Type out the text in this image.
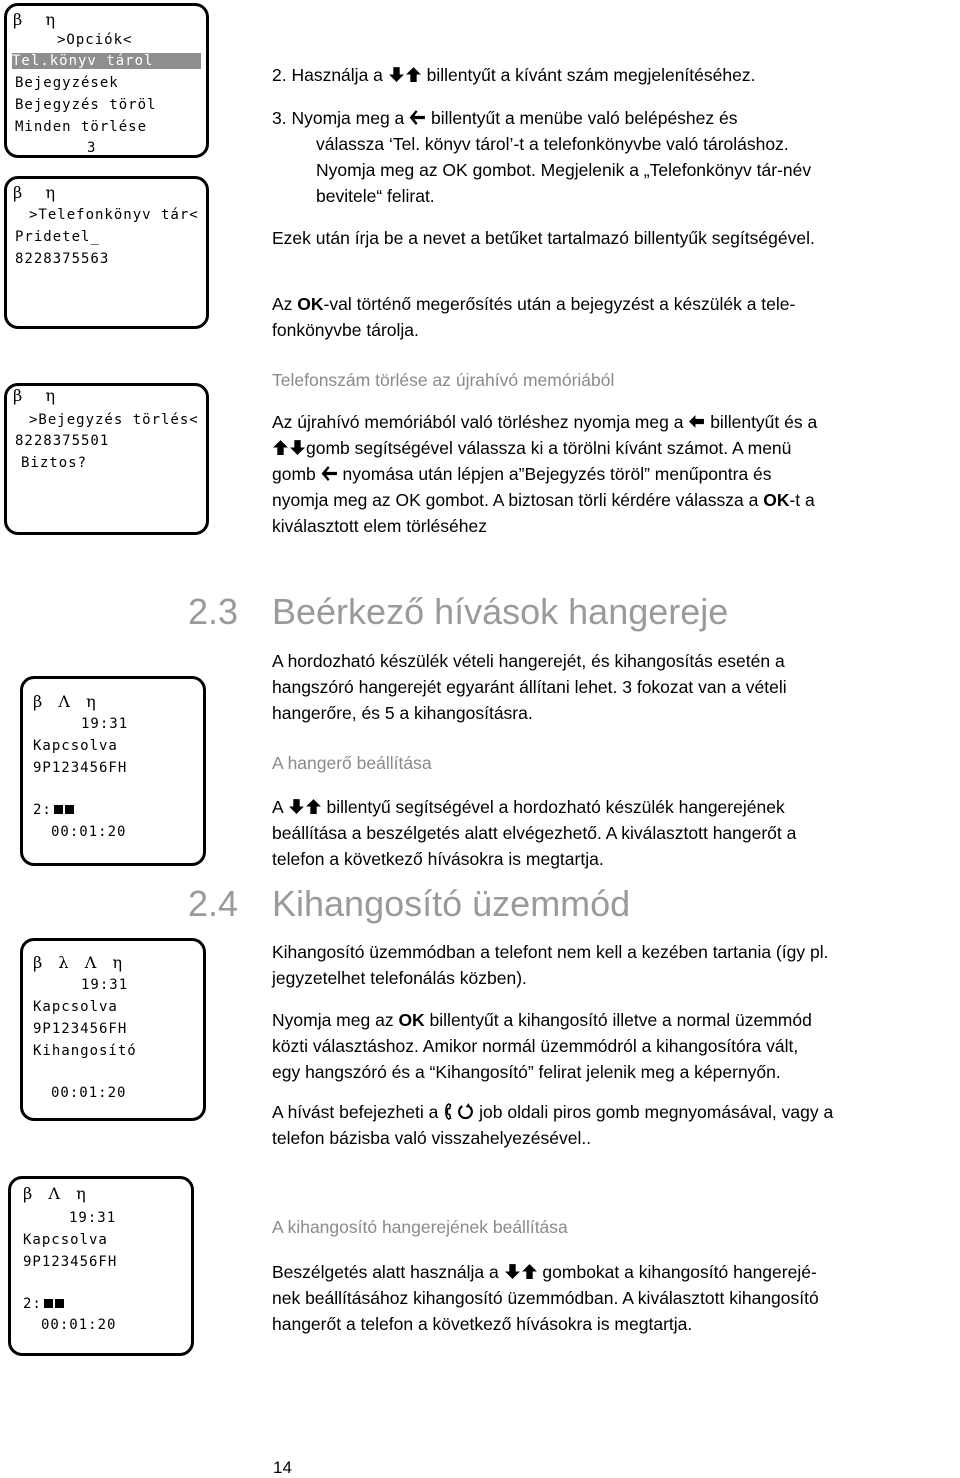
β   η
>Opciók<
Tel.könyv tárol
Bejegyzések
Bejegyzés töröl
Minden törlése
3
β   η
>Telefonkönyv tár<
Pridetel_
8228375563
β   η
>Bejegyzés törlés<
8228375501
Biztos?
β  Λ  η
19:31
Kapcsolva
9P123456FH
2:
00:01:20
β  λ  Λ  η
19:31
Kapcsolva
9P123456FH
Kihangosító
00:01:20
β  Λ  η
19:31
Kapcsolva
9P123456FH
2:
00:01:20
2. Használja a	billentyűt a kívánt szám megjelenítéséhez.
3. Nyomja meg a billentyűt a menübe való belépéshez és
válassza ‘Tel. könyv tárol’-t a telefonkönyvbe való tároláshoz.
Nyomja meg az OK gombot. Megjelenik a „Telefonkönyv tár-név
bevitele“ felirat.
Ezek után írja be a nevet a betűket tartalmazó billentyűk segítségével.
Az OK-val történő megerősítés után a bejegyzést a készülék a tele-
fonkönyvbe tárolja.
Telefonszám törlése az újrahívó memóriából
Az újrahívó memóriából való törléshez nyomja meg a billentyűt és a
gomb segítségével válassza ki a törölni kívánt számot. A menü
gomb nyomása után lépjen a”Bejegyzés töröl” menűpontra és
nyomja meg az OK gombot. A biztosan törli kérdére válassza a OK-t a
kiválasztott elem törléséhez
2.3 Beérkező hívások hangereje
A hordozható készülék vételi hangerejét, és kihangosítás esetén a
hangszóró hangerejét egyaránt állítani lehet. 3 fokozat van a vételi
hangerőre, és 5 a kihangosításra.
A hangerő beállítása
A	billentyű segítségével a hordozható készülék hangerejének
beállítása a beszélgetés alatt elvégezhető. A kiválasztott hangerőt a
telefon a következő hívásokra is megtartja.
2.4 Kihangosító üzemmód
Kihangosító üzemmódban a telefont nem kell a kezében tartania (így pl.
jegyzetelhet telefonálás közben).
Nyomja meg az OK billentyűt a kihangosító illetve a normal üzemmód
közti választáshoz. Amikor normál üzemmódról a kihangosítóra vált,
egy hangszóró és a “Kihangosító” felirat jelenik meg a képernyőn.
A hívást befejezheti a job oldali piros gomb megnyomásával, vagy a
telefon bázisba való visszahelyezésével..
A kihangosító hangerejének beállítása
Beszélgetés alatt használja a	gombokat a kihangosító hangerejé-
nek beállításához kihangosító üzemmódban. A kiválasztott kihangosító
hangerőt a telefon a következő hívásokra is megtartja.
14
